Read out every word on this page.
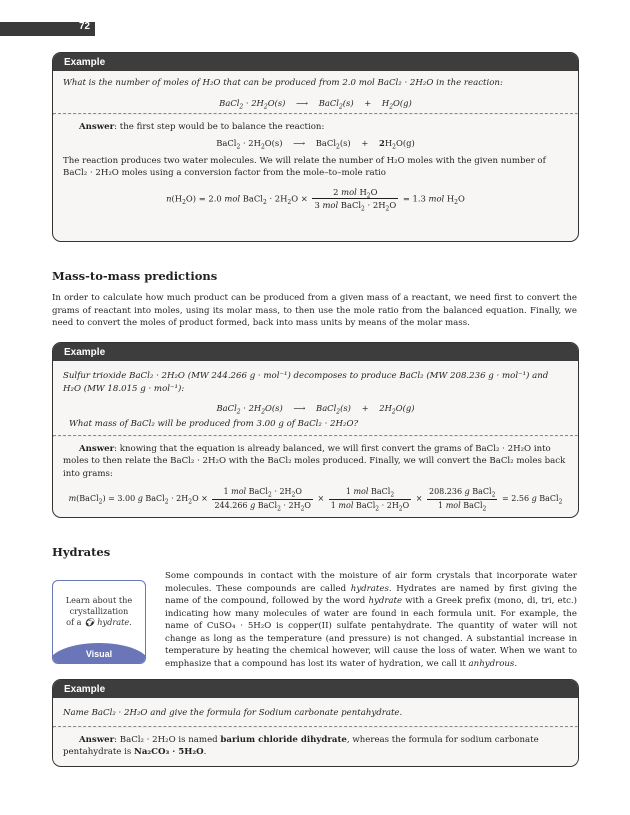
72
Example
What is the number of moles of H₂O that can be produced from 2.0 mol BaCl₂ · 2H₂O in the reaction:
BaCl$_2$ · $2H_2O(s)$    ⟶    BaCl$_2$(s)    +    $H_2O(g)$
Answer: the first step would be to balance the reaction:
BaCl$_2$ · $2H_2O(s)$    ⟶    BaCl$_2$(s)    +    $2H_2O(g)$
The reaction produces two water molecules. We will relate the number of H₂O moles with the given number of BaCl₂ · 2H₂O moles using a conversion factor from the mole–to–mole ratio
$n(H_2O) = 2.0$ mol BaCl$_2$ · $2H_2O \times \frac{2 mol H_2O}{3 mol BaCl_2 \cdot 2H_2O} = 1.3$ mol $H_2O$
Mass-to-mass predictions
In order to calculate how much product can be produced from a given mass of a reactant, we need first to convert the grams of reactant into moles, using its molar mass, to then use the mole ratio from the balanced equation. Finally, we need to convert the moles of product formed, back into mass units by means of the molar mass.
Example
Sulfur trioxide BaCl₂ · 2H₂O (MW 244.266 g · mol⁻¹) decomposes to produce BaCl₂ (MW 208.236 g · mol⁻¹) and H₂O (MW 18.015 g · mol⁻¹):
BaCl$_2$ · $2H_2O(s)$    ⟶    BaCl$_2$(s)    +    $2H_2O(g)$
What mass of BaCl₂ will be produced from 3.00 g of BaCl₂ · 2H₂O?
Answer: knowing that the equation is already balanced, we will first convert the grams of BaCl₂ · 2H₂O into moles to then relate the BaCl₂ · 2H₂O with the BaCl₂ moles produced. Finally, we will convert the BaCl₂ moles back into grams:
m(BaCl$_2$) = 3.00 g BaCl$_2$ · $2H_2O \times \frac{1 mol BaCl_2 \cdot 2H_2O}{244.266 g BaCl_2 \cdot 2H_2O} \times \frac{1 mol BaCl_2}{1 mol BaCl_2 \cdot 2H_2O} \times \frac{208.236 g BaCl_2}{1 mol BaCl_2} = 2.56$ g BaCl$_2$
Hydrates
Learn about the
crystallization
of a 🌍︎ hydrate.
Visual
Some compounds in contact with the moisture of air form crystals that incorporate water molecules. These compounds are called hydrates. Hydrates are named by first giving the name of the compound, followed by the word hydrate with a Greek prefix (mono, di, tri, etc.) indicating how many molecules of water are found in each formula unit. For example, the name of CuSO₄ · 5H₂O is copper(II) sulfate pentahydrate. The quantity of water will not change as long as the temperature (and pressure) is not changed. A substantial increase in temperature by heating the chemical however, will cause the loss of water. When we want to emphasize that a compound has lost its water of hydration, we call it anhydrous.
Example
Name BaCl₂ · 2H₂O and give the formula for Sodium carbonate pentahydrate.
Answer: BaCl₂ · 2H₂O is named barium chloride dihydrate, whereas the formula for sodium carbonate pentahydrate is Na₂CO₃ · 5H₂O.
